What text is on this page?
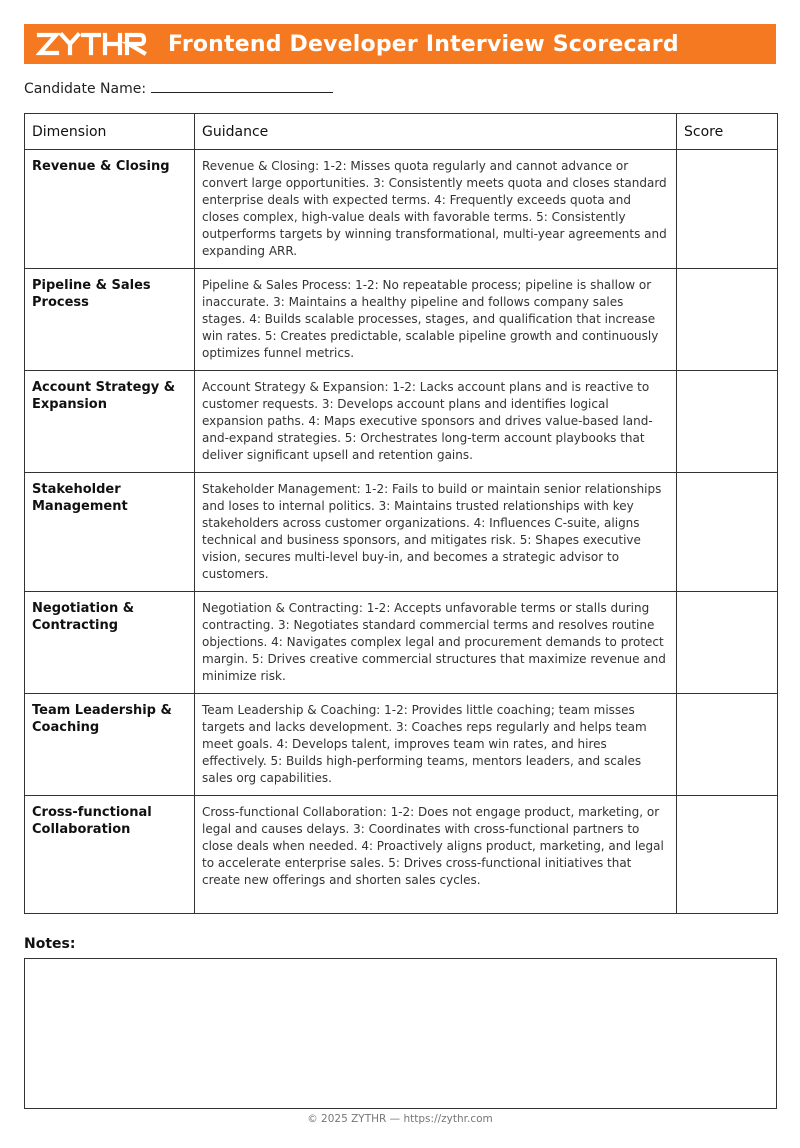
Frontend Developer Interview Scorecard
Candidate Name:
Dimension	Guidance	Score
Revenue & Closing	Revenue & Closing: 1-2: Misses quota regularly and cannot advance or convert large opportunities. 3: Consistently meets quota and closes standard enterprise deals with expected terms. 4: Frequently exceeds quota and closes complex, high-value deals with favorable terms. 5: Consistently outperforms targets by winning transformational, multi-year agreements and expanding ARR.	
Pipeline & Sales Process	Pipeline & Sales Process: 1-2: No repeatable process; pipeline is shallow or inaccurate. 3: Maintains a healthy pipeline and follows company sales stages. 4: Builds scalable processes, stages, and qualification that increase win rates. 5: Creates predictable, scalable pipeline growth and continuously optimizes funnel metrics.	
Account Strategy & Expansion	Account Strategy & Expansion: 1-2: Lacks account plans and is reactive to customer requests. 3: Develops account plans and identifies logical expansion paths. 4: Maps executive sponsors and drives value-based land-and-expand strategies. 5: Orchestrates long-term account playbooks that deliver significant upsell and retention gains.	
Stakeholder Management	Stakeholder Management: 1-2: Fails to build or maintain senior relationships and loses to internal politics. 3: Maintains trusted relationships with key stakeholders across customer organizations. 4: Influences C-suite, aligns technical and business sponsors, and mitigates risk. 5: Shapes executive vision, secures multi-level buy-in, and becomes a strategic advisor to customers.	
Negotiation & Contracting	Negotiation & Contracting: 1-2: Accepts unfavorable terms or stalls during contracting. 3: Negotiates standard commercial terms and resolves routine objections. 4: Navigates complex legal and procurement demands to protect margin. 5: Drives creative commercial structures that maximize revenue and minimize risk.	
Team Leadership & Coaching	Team Leadership & Coaching: 1-2: Provides little coaching; team misses targets and lacks development. 3: Coaches reps regularly and helps team meet goals. 4: Develops talent, improves team win rates, and hires effectively. 5: Builds high-performing teams, mentors leaders, and scales sales org capabilities.	
Cross-functional Collaboration	Cross-functional Collaboration: 1-2: Does not engage product, marketing, or legal and causes delays. 3: Coordinates with cross-functional partners to close deals when needed. 4: Proactively aligns product, marketing, and legal to accelerate enterprise sales. 5: Drives cross-functional initiatives that create new offerings and shorten sales cycles.	
Notes:
© 2025 ZYTHR — https://zythr.com
